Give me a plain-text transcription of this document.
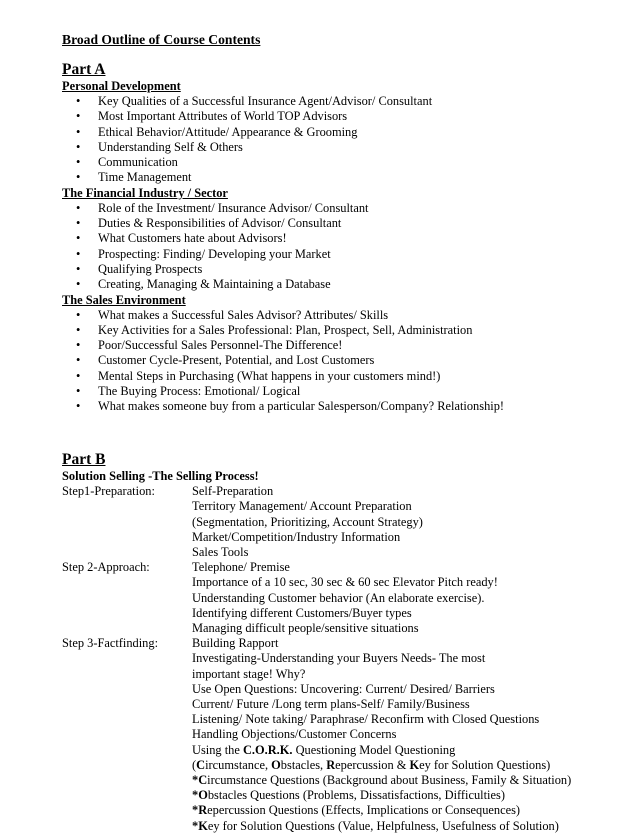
Broad Outline of Course Contents
Part A
Personal Development
• Key Qualities of a Successful Insurance Agent/Advisor/ Consultant
• Most Important Attributes of World TOP Advisors
• Ethical Behavior/Attitude/ Appearance & Grooming
• Understanding Self & Others
• Communication
• Time Management
The Financial Industry / Sector
• Role of the Investment/ Insurance Advisor/ Consultant
• Duties & Responsibilities of Advisor/ Consultant
• What Customers hate about Advisors!
• Prospecting: Finding/ Developing your Market
• Qualifying Prospects
• Creating, Managing & Maintaining a Database
The Sales Environment
• What makes a Successful Sales Advisor? Attributes/ Skills
• Key Activities for a Sales Professional: Plan, Prospect, Sell, Administration
• Poor/Successful Sales Personnel-The Difference!
• Customer Cycle-Present, Potential, and Lost Customers
• Mental Steps in Purchasing (What happens in your customers mind!)
• The Buying Process: Emotional/ Logical
• What makes someone buy from a particular Salesperson/Company? Relationship!
Part B
Solution Selling -The Selling Process!
Step1-Preparation:	Self-Preparation
Territory Management/ Account Preparation
(Segmentation, Prioritizing, Account Strategy)
Market/Competition/Industry Information
Sales Tools
Step 2-Approach:	Telephone/ Premise
Importance of a 10 sec, 30 sec & 60 sec Elevator Pitch ready!
Understanding Customer behavior (An elaborate exercise).
Identifying different Customers/Buyer types
Managing difficult people/sensitive situations
Step 3-Factfinding:	Building Rapport
Investigating-Understanding your Buyers Needs- The most
important stage! Why?
Use Open Questions: Uncovering: Current/ Desired/ Barriers
Current/ Future /Long term plans-Self/ Family/Business
Listening/ Note taking/ Paraphrase/ Reconfirm with Closed Questions
Handling Objections/Customer Concerns
Using the C.O.R.K. Questioning Model Questioning
(Circumstance, Obstacles, Repercussion & Key for Solution Questions)
*Circumstance Questions (Background about Business, Family & Situation)
*Obstacles Questions (Problems, Dissatisfactions, Difficulties)
*Repercussion Questions (Effects, Implications or Consequences)
*Key for Solution Questions (Value, Helpfulness, Usefulness of Solution)
